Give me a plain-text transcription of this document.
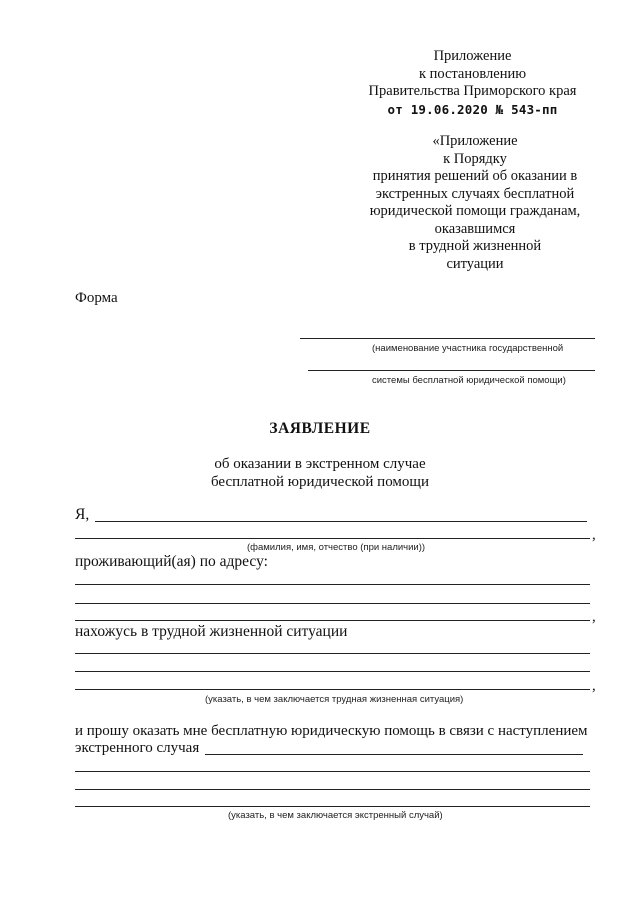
Приложение
к постановлению
Правительства Приморского края
от 19.06.2020 № 543-пп
«Приложение
к Порядку
принятия решений об оказании в
экстренных случаях бесплатной
юридической помощи гражданам,
оказавшимся
в трудной жизненной
ситуации
Форма
(наименование участника государственной
системы бесплатной юридической помощи)
ЗАЯВЛЕНИЕ
об оказании в экстренном случае
бесплатной юридической помощи
Я,
,
(фамилия, имя, отчество (при наличии))
проживающий(ая) по адресу:
,
нахожусь в трудной жизненной ситуации
,
(указать, в чем заключается трудная жизненная ситуация)
и прошу оказать мне бесплатную юридическую помощь в связи с наступлением
экстренного случая
(указать, в чем заключается экстренный случай)
